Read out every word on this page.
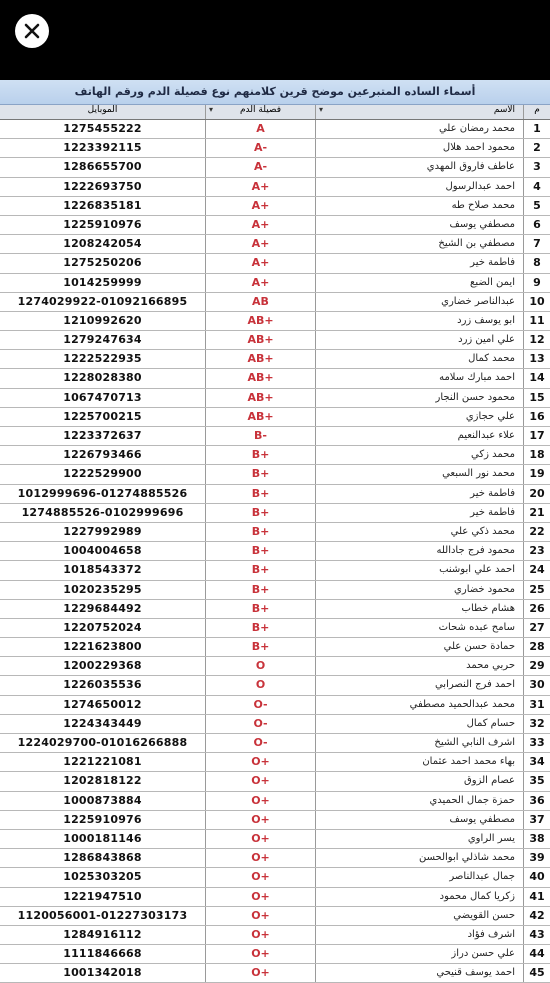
أسماء الساده المتبرعين موضح قرين كلامنهم نوع فصيلة الدم ورقم الهاتف
الموبايل	▾ فصيلة الدم	▾ الاسم	م
1275455222	A	محمد رمضان علي	1
1223392115	A-	محمود احمد هلال	2
1286655700	A-	عاطف فاروق المهدي	3
1222693750	A+	احمد عبدالرسول	4
1226835181	A+	محمد صلاح طه	5
1225910976	A+	مصطفي يوسف	6
1208242054	A+	مصطفي بن الشيخ	7
1275250206	A+	فاطمة خير	8
1014259999	A+	ايمن الضبع	9
1274029922-01092166895	AB	عبدالناصر خضاري	10
1210992620	AB+	ابو يوسف زرد	11
1279247634	AB+	علي امين زرد	12
1222522935	AB+	محمد كمال	13
1228028380	AB+	احمد مبارك سلامه	14
1067470713	AB+	محمود حسن النجار	15
1225700215	AB+	علي حجازي	16
1223372637	B-	علاء عبدالنعيم	17
1226793466	B+	محمد زكي	18
1222529900	B+	محمد نور السبعي	19
1012999696-01274885526	B+	فاطمة خير	20
1274885526-0102999696	B+	فاطمة خير	21
1227992989	B+	محمد ذكي علي	22
1004004658	B+	محمود فرج جادالله	23
1018543372	B+	احمد علي ابوشنب	24
1020235295	B+	محمود خضاري	25
1229684492	B+	هشام خطاب	26
1220752024	B+	سامح عبده شحات	27
1221623800	B+	حمادة حسن علي	28
1200229368	O	حربي محمد	29
1226035536	O	احمد فرج النصرابي	30
1274650012	O-	محمد عبدالحميد مصطفي	31
1224343449	O-	حسام كمال	32
1224029700-01016266888	O-	اشرف النابي الشيخ	33
1221221081	O+	بهاء محمد احمد عثمان	34
1202818122	O+	عصام الزوق	35
1000873884	O+	حمزة جمال الحميدي	36
1225910976	O+	مصطفي يوسف	37
1000181146	O+	يسر الراوي	38
1286843868	O+	محمد شاذلي ابوالحسن	39
1025303205	O+	جمال عبدالناصر	40
1221947510	O+	زكريا كمال محمود	41
1120056001-01227303173	O+	حسن القويضي	42
1284916112	O+	اشرف فؤاد	43
1111846668	O+	علي حسن دراز	44
1001342018	O+	احمد يوسف قنيحي	45
